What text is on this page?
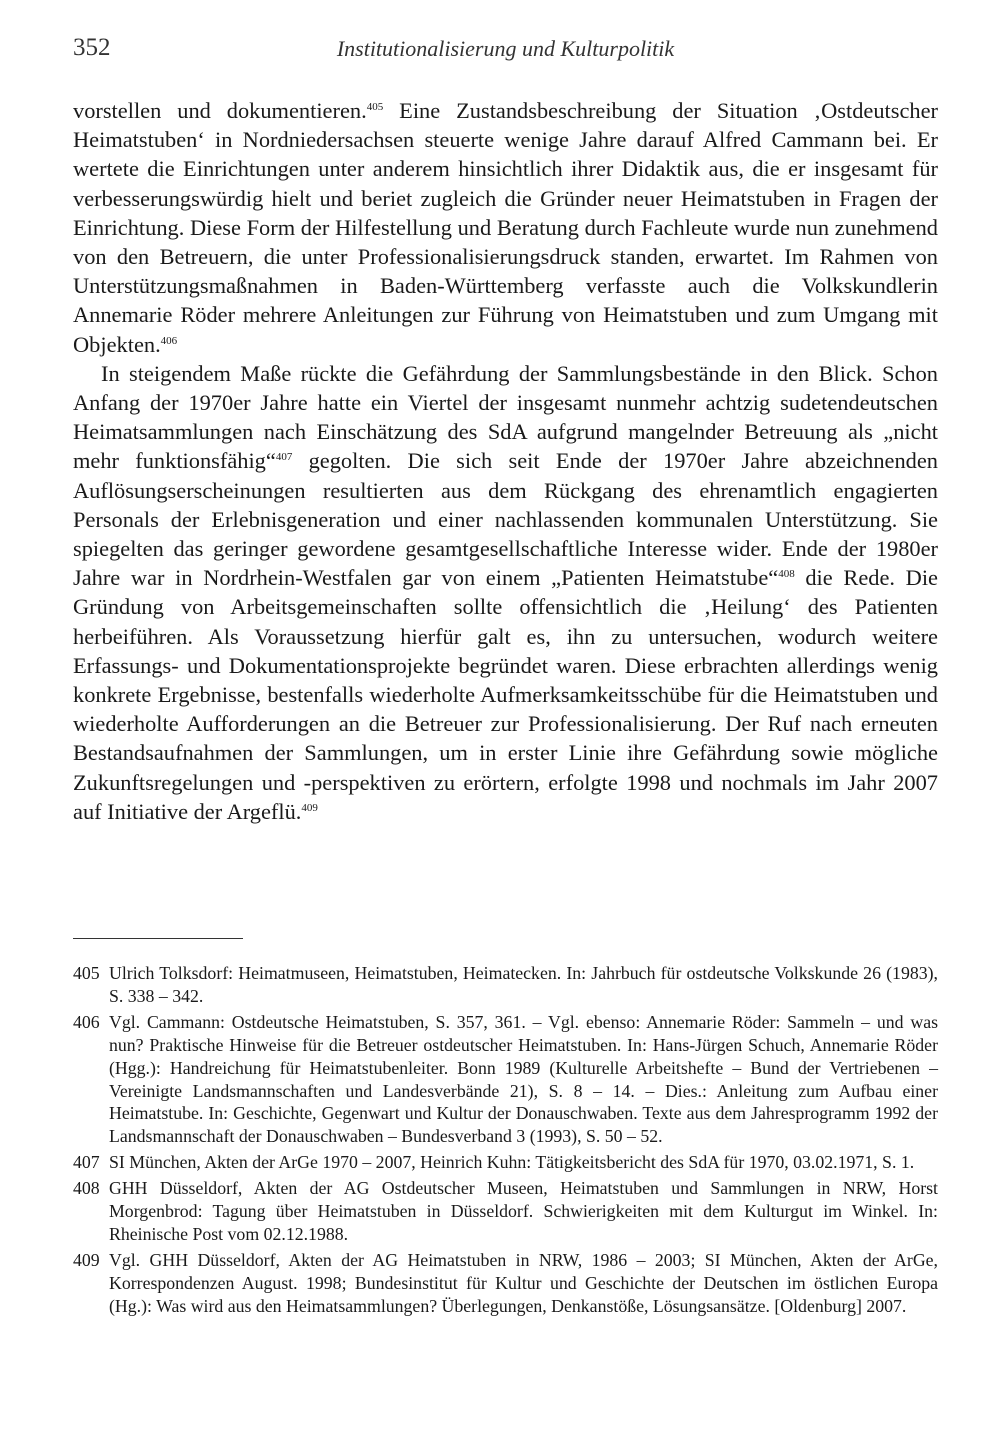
352	Institutionalisierung und Kulturpolitik

vorstellen und dokumentieren.$^{405}$ Eine Zustandsbeschreibung der Situation ‚Ostdeutscher Heimatstuben‘ in Nordniedersachsen steuerte wenige Jahre darauf Alfred Cammann bei. Er wertete die Einrichtungen unter anderem hinsichtlich ihrer Didaktik aus, die er insgesamt für verbesserungswürdig hielt und beriet zugleich die Gründer neuer Heimatstuben in Fragen der Einrichtung. Diese Form der Hilfestellung und Beratung durch Fachleute wurde nun zunehmend von den Betreuern, die unter Professionalisierungsdruck standen, erwartet. Im Rahmen von Unterstützungsmaßnahmen in Baden-Württemberg verfasste auch die Volkskundlerin Annemarie Röder mehrere Anleitungen zur Führung von Heimatstuben und zum Umgang mit Objekten.$^{406}$

In steigendem Maße rückte die Gefährdung der Sammlungsbestände in den Blick. Schon Anfang der 1970er Jahre hatte ein Viertel der insgesamt nunmehr achtzig sudetendeutschen Heimatsammlungen nach Einschätzung des SdA aufgrund mangelnder Betreuung als „nicht mehr funktionsfähig“$^{407}$ gegolten. Die sich seit Ende der 1970er Jahre abzeichnenden Auflösungserscheinungen resultierten aus dem Rückgang des ehrenamtlich engagierten Personals der Erlebnisgeneration und einer nachlassenden kommunalen Unterstützung. Sie spiegelten das geringer gewordene gesamtgesellschaftliche Interesse wider. Ende der 1980er Jahre war in Nordrhein-Westfalen gar von einem „Patienten Heimatstube“$^{408}$ die Rede. Die Gründung von Arbeitsgemeinschaften sollte offensichtlich die ‚Heilung‘ des Patienten herbeiführen. Als Voraussetzung hierfür galt es, ihn zu untersuchen, wodurch weitere Erfassungs- und Dokumentationsprojekte begründet waren. Diese erbrachten allerdings wenig konkrete Ergebnisse, bestenfalls wiederholte Aufmerksamkeitsschübe für die Heimatstuben und wiederholte Aufforderungen an die Betreuer zur Professionalisierung. Der Ruf nach erneuten Bestandsaufnahmen der Sammlungen, um in erster Linie ihre Gefährdung sowie mögliche Zukunftsregelungen und -perspektiven zu erörtern, erfolgte 1998 und nochmals im Jahr 2007 auf Initiative der Argeflü.$^{409}$

405 Ulrich Tolksdorf: Heimatmuseen, Heimatstuben, Heimatecken. In: Jahrbuch für ostdeutsche Volkskunde 26 (1983), S. 338 – 342.
406 Vgl. Cammann: Ostdeutsche Heimatstuben, S. 357, 361. – Vgl. ebenso: Annemarie Röder: Sammeln – und was nun? Praktische Hinweise für die Betreuer ostdeutscher Heimatstuben. In: Hans-Jürgen Schuch, Annemarie Röder (Hgg.): Handreichung für Heimatstubenleiter. Bonn 1989 (Kulturelle Arbeitshefte – Bund der Vertriebenen – Vereinigte Landsmannschaften und Landesverbände 21), S. 8 – 14. – Dies.: Anleitung zum Aufbau einer Heimatstube. In: Geschichte, Gegenwart und Kultur der Donauschwaben. Texte aus dem Jahresprogramm 1992 der Landsmannschaft der Donauschwaben – Bundesverband 3 (1993), S. 50 – 52.
407 SI München, Akten der ArGe 1970 – 2007, Heinrich Kuhn: Tätigkeitsbericht des SdA für 1970, 03.02.1971, S. 1.
408 GHH Düsseldorf, Akten der AG Ostdeutscher Museen, Heimatstuben und Sammlungen in NRW, Horst Morgenbrod: Tagung über Heimatstuben in Düsseldorf. Schwierigkeiten mit dem Kulturgut im Winkel. In: Rheinische Post vom 02.12.1988.
409 Vgl. GHH Düsseldorf, Akten der AG Heimatstuben in NRW, 1986 – 2003; SI München, Akten der ArGe, Korrespondenzen August. 1998; Bundesinstitut für Kultur und Geschichte der Deutschen im östlichen Europa (Hg.): Was wird aus den Heimatsammlungen? Überlegungen, Denkanstöße, Lösungsansätze. [Oldenburg] 2007.
